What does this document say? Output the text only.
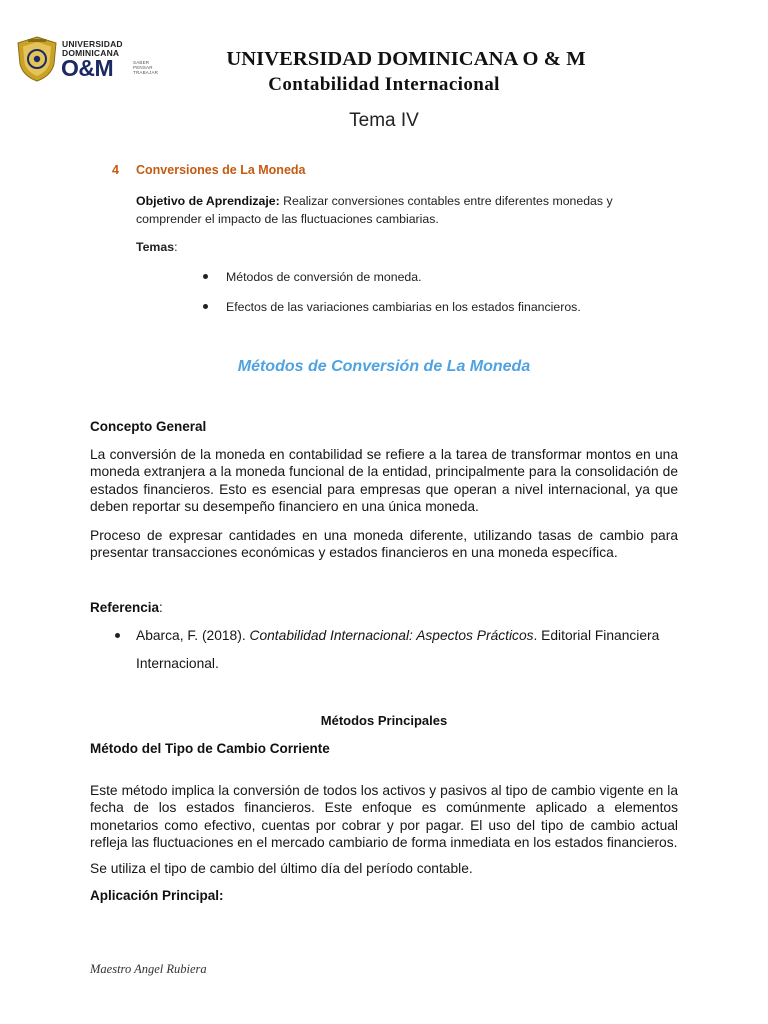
UNIVERSIDAD
DOMINICANA
O&M	SABER
PENSAR
TRABAJAR
UNIVERSIDAD DOMINICANA O & M
Contabilidad Internacional
Tema IV
4 Conversiones de La Moneda
Objetivo de Aprendizaje: Realizar conversiones contables entre diferentes monedas y comprender el impacto de las fluctuaciones cambiarias.
Temas:
Métodos de conversión de moneda.
Efectos de las variaciones cambiarias en los estados financieros.
Métodos de Conversión de La Moneda
Concepto General
La conversión de la moneda en contabilidad se refiere a la tarea de transformar montos en una moneda extranjera a la moneda funcional de la entidad, principalmente para la consolidación de estados financieros. Esto es esencial para empresas que operan a nivel internacional, ya que deben reportar su desempeño financiero en una única moneda.
Proceso de expresar cantidades en una moneda diferente, utilizando tasas de cambio para presentar transacciones económicas y estados financieros en una moneda específica.
Referencia:
Abarca, F. (2018). Contabilidad Internacional: Aspectos Prácticos. Editorial Financiera Internacional.
Métodos Principales
Método del Tipo de Cambio Corriente
Este método implica la conversión de todos los activos y pasivos al tipo de cambio vigente en la fecha de los estados financieros. Este enfoque es comúnmente aplicado a elementos monetarios como efectivo, cuentas por cobrar y por pagar. El uso del tipo de cambio actual refleja las fluctuaciones en el mercado cambiario de forma inmediata en los estados financieros.
Se utiliza el tipo de cambio del último día del período contable.
Aplicación Principal:
Maestro Angel Rubiera
